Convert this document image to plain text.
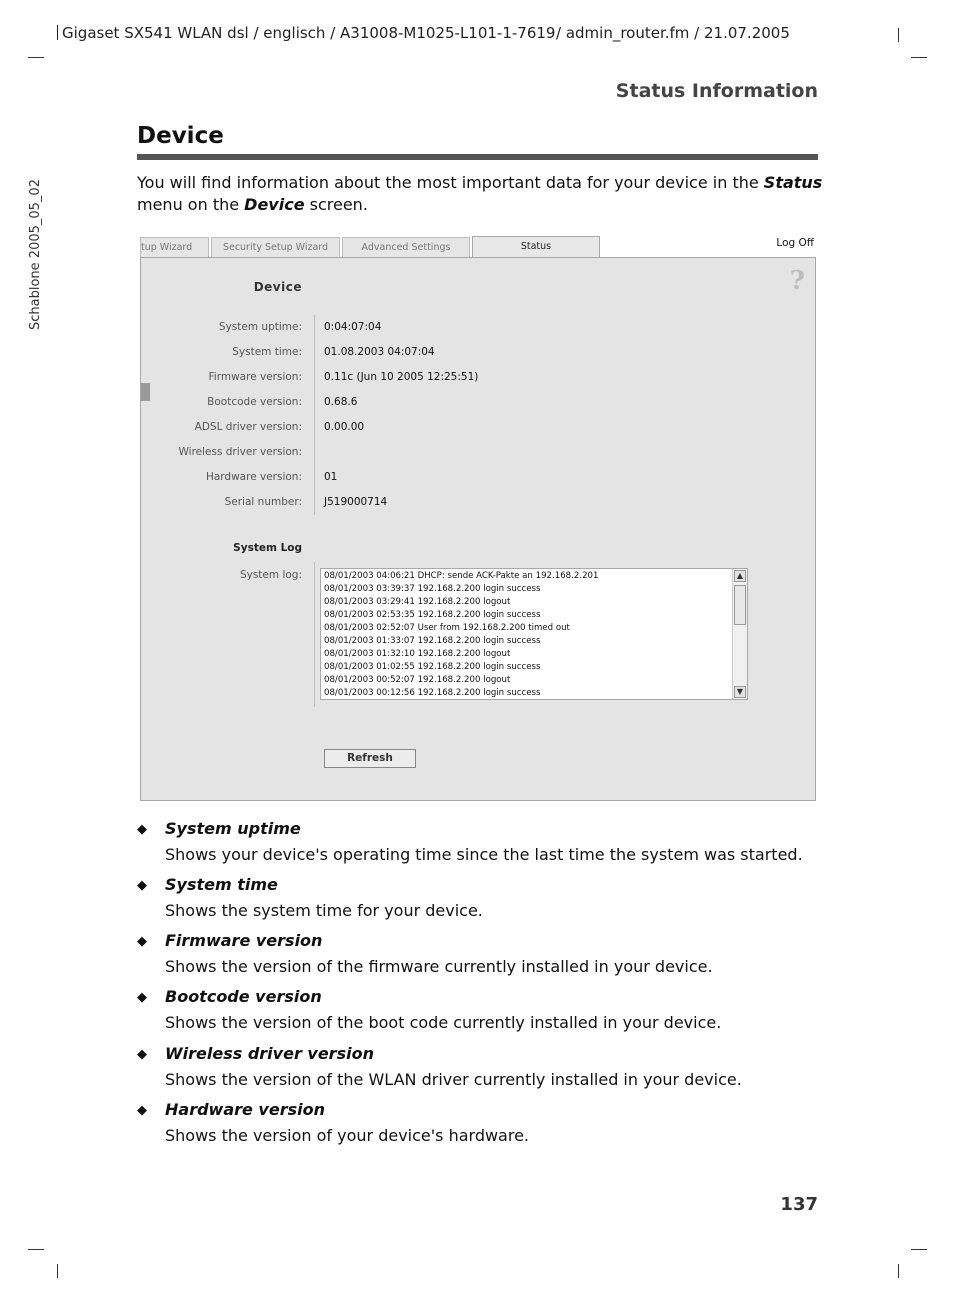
Gigaset SX541 WLAN dsl / englisch / A31008-M1025-L101-1-7619 / admin_router.fm / 21.07.2005
Schablone 2005_05_02
Status Information
Device
You will find information about the most important data for your device in the Status
menu on the Device screen.
tup Wizard	Security Setup Wizard	Advanced Settings	Status	Log Off
?
Device
System uptime: 0:04:07:04
System time: 01.08.2003 04:07:04
Firmware version: 0.11c (Jun 10 2005 12:25:51)
Bootcode version: 0.68.6
ADSL driver version: 0.00.00
Wireless driver version:
Hardware version: 01
Serial number: J519000714
System Log
System log:	08/01/2003 04:06:21 DHCP: sende ACK-Pakte an 192.168.2.201
08/01/2003 03:39:37 192.168.2.200 login success
08/01/2003 03:29:41 192.168.2.200 logout
08/01/2003 02:53:35 192.168.2.200 login success
08/01/2003 02:52:07 User from 192.168.2.200 timed out
08/01/2003 01:33:07 192.168.2.200 login success
08/01/2003 01:32:10 192.168.2.200 logout
08/01/2003 01:02:55 192.168.2.200 login success
08/01/2003 00:52:07 192.168.2.200 logout
08/01/2003 00:12:56 192.168.2.200 login success
▲
▼
Refresh
◆ System uptime
Shows your device's operating time since the last time the system was started.
◆ System time
Shows the system time for your device.
◆ Firmware version
Shows the version of the firmware currently installed in your device.
◆ Bootcode version
Shows the version of the boot code currently installed in your device.
◆ Wireless driver version
Shows the version of the WLAN driver currently installed in your device.
◆ Hardware version
Shows the version of your device's hardware.
137
